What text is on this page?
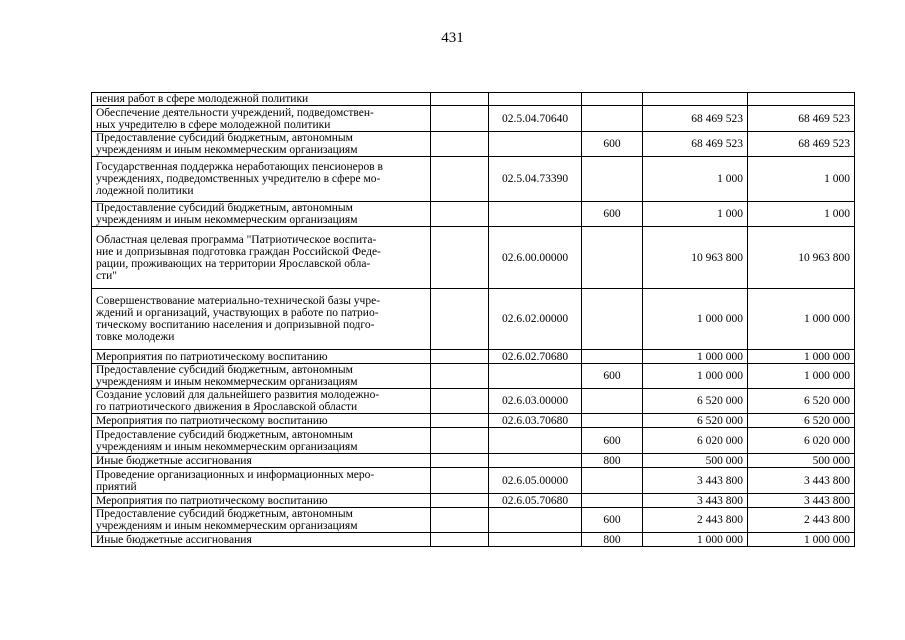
431
нения работ в сфере молодежной политики					

Обеспечение деятельности учреждений, подведомствен-
ных учредителю в сфере молодежной политики		02.5.04.70640		68 469 523	68 469 523

Предоставление субсидий бюджетным, автономным
учреждениям и иным некоммерческим организациям			600	68 469 523	68 469 523

Государственная поддержка неработающих пенсионеров в
учреждениях, подведомственных учредителю в сфере мо-
лодежной политики		02.5.04.73390		1 000	1 000

Предоставление субсидий бюджетным, автономным
учреждениям и иным некоммерческим организациям			600	1 000	1 000

Областная целевая программа "Патриотическое воспита-
ние и допризывная подготовка граждан Российской Феде-
рации, проживающих на территории Ярославской обла-
сти"		02.6.00.00000		10 963 800	10 963 800

Совершенствование материально-технической базы учре-
ждений и организаций, участвующих в работе по патрио-
тическому воспитанию населения и допризывной подго-
товке молодежи		02.6.02.00000		1 000 000	1 000 000

Мероприятия по патриотическому воспитанию		02.6.02.70680		1 000 000	1 000 000

Предоставление субсидий бюджетным, автономным
учреждениям и иным некоммерческим организациям			600	1 000 000	1 000 000

Создание условий для дальнейшего развития молодежно-
го патриотического движения в Ярославской области		02.6.03.00000		6 520 000	6 520 000

Мероприятия по патриотическому воспитанию		02.6.03.70680		6 520 000	6 520 000

Предоставление субсидий бюджетным, автономным
учреждениям и иным некоммерческим организациям			600	6 020 000	6 020 000

Иные бюджетные ассигнования			800	500 000	500 000

Проведение организационных и информационных меро-
приятий		02.6.05.00000		3 443 800	3 443 800

Мероприятия по патриотическому воспитанию		02.6.05.70680		3 443 800	3 443 800

Предоставление субсидий бюджетным, автономным
учреждениям и иным некоммерческим организациям			600	2 443 800	2 443 800

Иные бюджетные ассигнования			800	1 000 000	1 000 000
